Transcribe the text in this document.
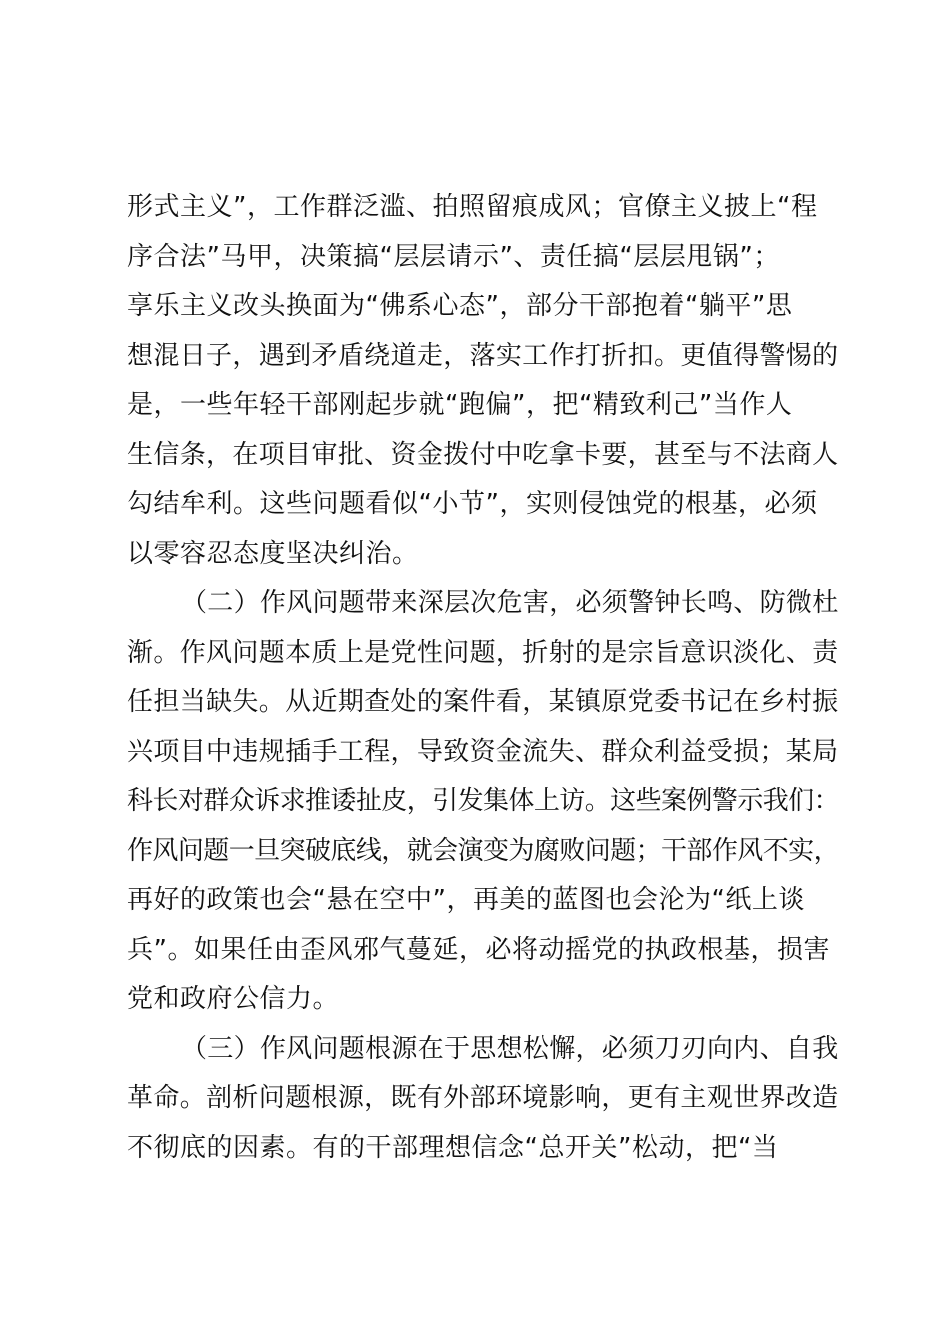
形式主义”，工作群泛滥、拍照留痕成风；官僚主义披上“程
序合法”马甲，决策搞“层层请示”、责任搞“层层甩锅”；
享乐主义改头换面为“佛系心态”，部分干部抱着“躺平”思
想混日子，遇到矛盾绕道走，落实工作打折扣。更值得警惕的
是，一些年轻干部刚起步就“跑偏”，把“精致利己”当作人
生信条，在项目审批、资金拨付中吃拿卡要，甚至与不法商人
勾结牟利。这些问题看似“小节”，实则侵蚀党的根基，必须
以零容忍态度坚决纠治。
（二）作风问题带来深层次危害，必须警钟长鸣、防微杜
渐。作风问题本质上是党性问题，折射的是宗旨意识淡化、责
任担当缺失。从近期查处的案件看，某镇原党委书记在乡村振
兴项目中违规插手工程，导致资金流失、群众利益受损；某局
科长对群众诉求推诿扯皮，引发集体上访。这些案例警示我们：
作风问题一旦突破底线，就会演变为腐败问题；干部作风不实，
再好的政策也会“悬在空中”，再美的蓝图也会沦为“纸上谈
兵”。如果任由歪风邪气蔓延，必将动摇党的执政根基，损害
党和政府公信力。
（三）作风问题根源在于思想松懈，必须刀刃向内、自我
革命。剖析问题根源，既有外部环境影响，更有主观世界改造
不彻底的因素。有的干部理想信念“总开关”松动，把“当
